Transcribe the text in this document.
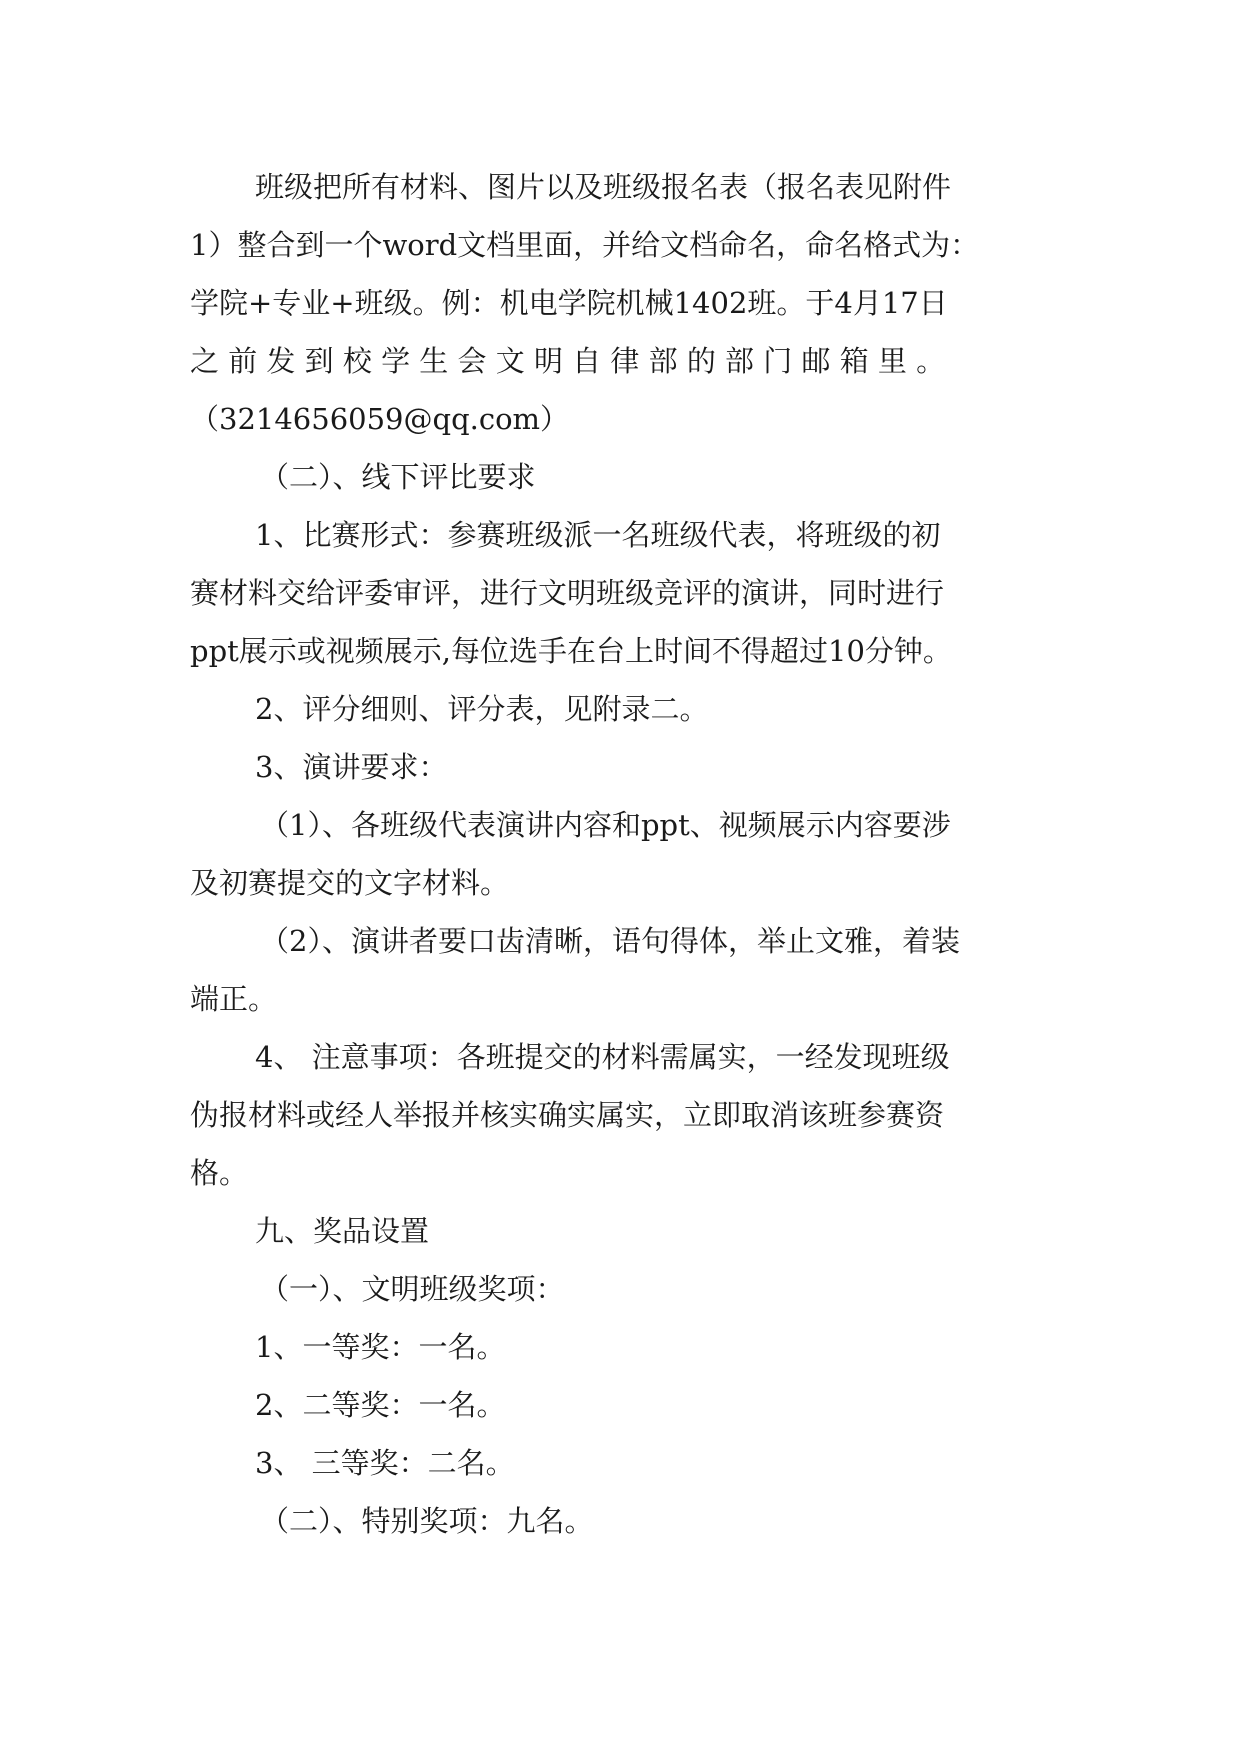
班级把所有材料、图片以及班级报名表（报名表见附件
1）整合到一个word文档里面，并给文档命名，命名格式为：
学院+专业+班级。例：机电学院机械1402班。于4月17日
之 前 发 到 校 学 生 会 文 明 自 律 部 的 部 门 邮 箱 里 。
（3214656059@qq.com）
（二）、线下评比要求
1、比赛形式：参赛班级派一名班级代表，将班级的初
赛材料交给评委审评，进行文明班级竞评的演讲，同时进行
ppt展示或视频展示,每位选手在台上时间不得超过10分钟。
2、评分细则、评分表，见附录二。
3、演讲要求：
（1）、各班级代表演讲内容和ppt、视频展示内容要涉
及初赛提交的文字材料。
（2）、演讲者要口齿清晰，语句得体，举止文雅，着装
端正。
4、 注意事项：各班提交的材料需属实，一经发现班级
伪报材料或经人举报并核实确实属实，立即取消该班参赛资
格。
九、奖品设置
（一）、文明班级奖项：
1、一等奖：一名。
2、二等奖：一名。
3、 三等奖：二名。
（二）、特别奖项：九名。
